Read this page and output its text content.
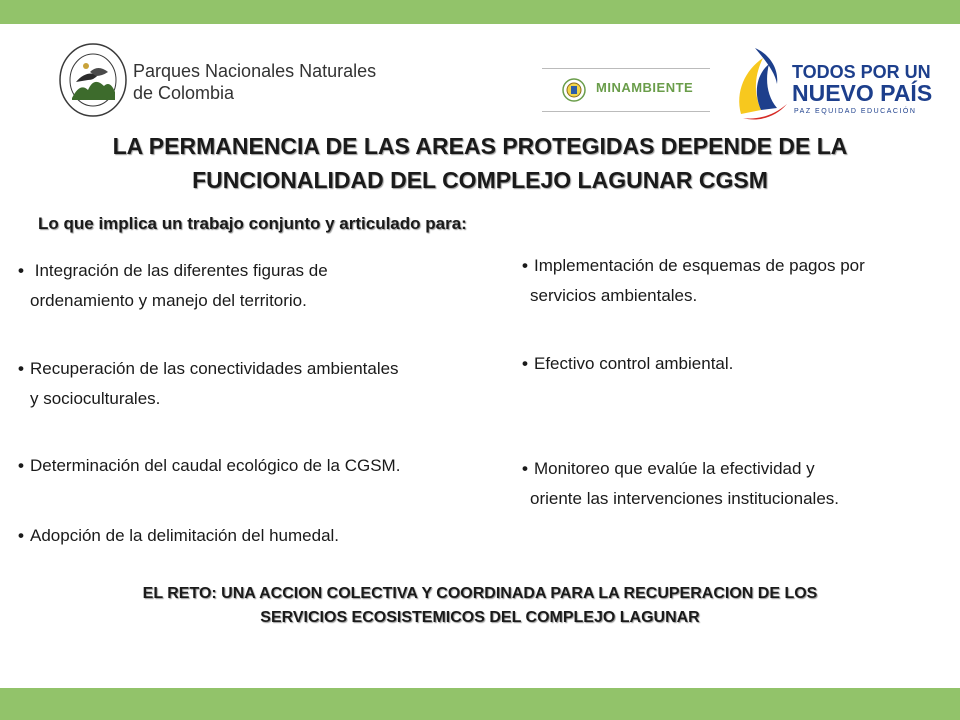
Parques Nacionales Naturales
de Colombia	MINAMBIENTE
TODOS POR UN
NUEVO PAÍS
PAZ EQUIDAD EDUCACIÓN
LA PERMANENCIA DE LAS AREAS PROTEGIDAS DEPENDE DE LA
FUNCIONALIDAD DEL COMPLEJO LAGUNAR CGSM
Lo que implica un trabajo conjunto y articulado para:
• Integración de las diferentes figuras de
ordenamiento y manejo del territorio.
• Recuperación de las conectividades ambientales
y socioculturales.
• Determinación del caudal ecológico de la CGSM.
• Adopción de la delimitación del humedal.
• Implementación de esquemas de pagos por
servicios ambientales.
• Efectivo control ambiental.
• Monitoreo que evalúe la efectividad y
oriente las intervenciones institucionales.
EL RETO: UNA ACCION COLECTIVA Y COORDINADA PARA LA RECUPERACION DE LOS
SERVICIOS ECOSISTEMICOS DEL COMPLEJO LAGUNAR
